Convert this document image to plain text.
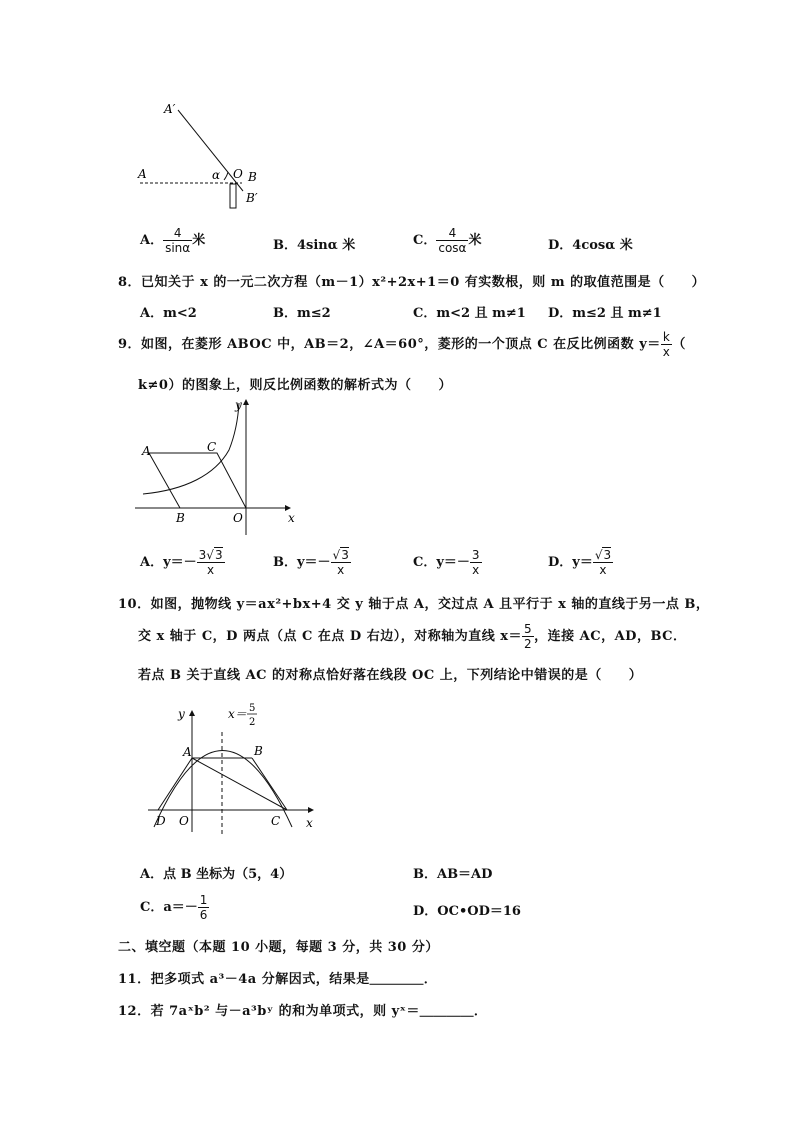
A′
A	α O B
B′
A． $\frac{4}{\sin\alpha}$ 米	B．4sinα 米	C． $\frac{4}{\cos\alpha}$ 米	D．4cosα 米
8．已知关于 x 的一元二次方程（m－1）x²+2x+1＝0 有实数根，则 m 的取值范围是（　　）
A．m<2	B．m≤2	C．m<2 且 m≠1 D．m≤2 且 m≠1
9．如图，在菱形 ABOC 中，AB＝2，∠A＝60°，菱形的一个顶点 C 在反比例函数 $y= \frac{k}{x}$ （
k≠0）的图象上，则反比例函数的解析式为（　　）
y
A	C
B	O	x
A．$y=- \frac{3√3}{x}$	B．$y=- \frac{√3}{x}$	C．$y=- \frac{3}{x}$	D．$y= \frac{√3}{x}$
10．如图，抛物线 y＝ax²+bx+4 交 y 轴于点 A，交过点 A 且平行于 x 轴的直线于另一点 B，
交 x 轴于 C，D 两点（点 C 在点 D 右边），对称轴为直线 $x= \frac{5}{2}$ ，连接 AC，AD，BC．
若点 B 关于直线 AC 的对称点恰好落在线段 OC 上，下列结论中错误的是（　　）
y	x＝ 5
2
A	B
D O	C x
A．点 B 坐标为（5，4）	B．AB＝AD
C．$a=- \frac{1}{6}$	D．OC•OD＝16
二、填空题（本题 10 小题，每题 3 分，共 30 分）
11．把多项式 a³－4a 分解因式，结果是＿＿＿＿．
12．若 7aˣb² 与－a³bʸ 的和为单项式，则 yˣ＝＿＿＿＿．
